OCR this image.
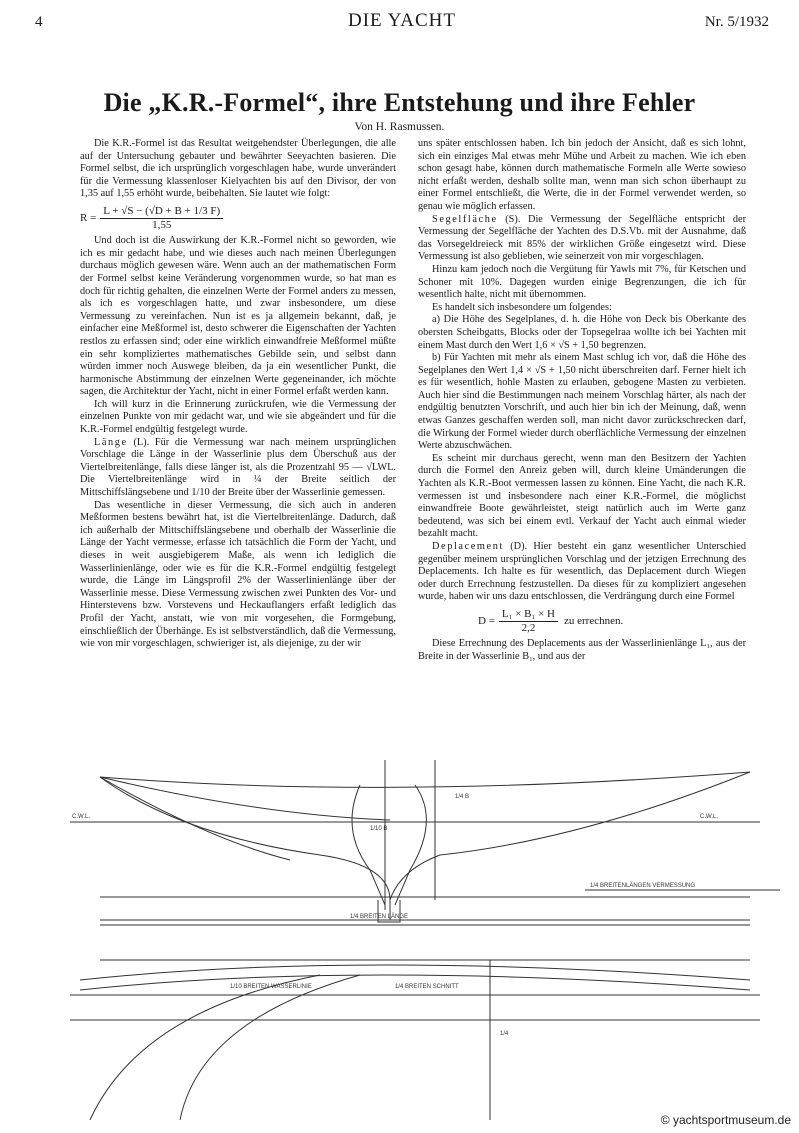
4	DIE YACHT	Nr. 5/1932
Die „K.R.-Formel“, ihre Entstehung und ihre Fehler
Von H. Rasmussen.

Die K.R.-Formel ist das Resultat weitgehendster Überlegungen, die alle auf der Untersuchung gebauter und bewährter Seeyachten basieren. Die Formel selbst, die ich ursprünglich vorgeschlagen habe, wurde unverändert für die Vermessung klassenloser Kielyachten bis auf den Divisor, der von 1,35 auf 1,55 erhöht wurde, beibehalten. Sie lautet wie folgt:

$R = \frac{L + √S - (√D + B + 1/3 F)}{1,55}$

Und doch ist die Auswirkung der K.R.-Formel nicht so geworden, wie ich es mir gedacht habe, und wie dieses auch nach meinen Überlegungen durchaus möglich gewesen wäre. Wenn auch an der mathematischen Form der Formel selbst keine Veränderung vorgenommen wurde, so hat man es doch für richtig gehalten, die einzelnen Werte der Formel anders zu messen, als ich es vorgeschlagen hatte, und zwar insbesondere, um diese Vermessung zu vereinfachen. Nun ist es ja allgemein bekannt, daß, je einfacher eine Meßformel ist, desto schwerer die Eigenschaften der Yachten restlos zu erfassen sind; oder eine wirklich einwandfreie Meßformel müßte ein sehr kompliziertes mathematisches Gebilde sein, und selbst dann würden immer noch Auswege bleiben, da ja ein wesentlicher Punkt, die harmonische Abstimmung der einzelnen Werte gegeneinander, ich möchte sagen, die Architektur der Yacht, nicht in einer Formel erfaßt werden kann.

Ich will kurz in die Erinnerung zurückrufen, wie die Vermessung der einzelnen Punkte von mir gedacht war, und wie sie abgeändert und für die K.R.-Formel endgültig festgelegt wurde.

Länge (L). Für die Vermessung war nach meinem ursprünglichen Vorschlage die Länge in der Wasserlinie plus dem Überschuß aus der Viertelbreitenlänge, falls diese länger ist, als die Prozentzahl 95 — √LWL. Die Viertelbreitenlänge wird in ¼ der Breite seitlich der Mittschiffslängsebene und 1/10 der Breite über der Wasserlinie gemessen.

Das wesentliche in dieser Vermessung, die sich auch in anderen Meßformen bestens bewährt hat, ist die Viertelbreitenlänge. Dadurch, daß ich außerhalb der Mittschiffslängsebene und oberhalb der Wasserlinie die Länge der Yacht vermesse, erfasse ich tatsächlich die Form der Yacht, und dieses in weit ausgiebigerem Maße, als wenn ich lediglich die Wasserlinienlänge, oder wie es für die K.R.-Formel endgültig festgelegt wurde, die Länge im Längsprofil 2% der Wasserlinienlänge über der Wasserlinie messe. Diese Vermessung zwischen zwei Punkten des Vor- und Hinterstevens bzw. Vorstevens und Heckauflangers erfaßt lediglich das Profil der Yacht, anstatt, wie von mir vorgesehen, die Formgebung, einschließlich der Überhänge. Es ist selbstverständlich, daß die Vermessung, wie von mir vorgeschlagen, schwieriger ist, als diejenige, zu der wir

uns später entschlossen haben. Ich bin jedoch der Ansicht, daß es sich lohnt, sich ein einziges Mal etwas mehr Mühe und Arbeit zu machen. Wie ich eben schon gesagt habe, können durch mathematische Formeln alle Werte sowieso nicht erfaßt werden, deshalb sollte man, wenn man sich schon überhaupt zu einer Formel entschließt, die Werte, die in der Formel verwendet werden, so genau wie möglich erfassen.

Segelfläche (S). Die Vermessung der Segelfläche entspricht der Vermessung der Segelfläche der Yachten des D.S.Vb. mit der Ausnahme, daß das Vorsegeldreieck mit 85% der wirklichen Größe eingesetzt wird. Diese Vermessung ist also geblieben, wie seinerzeit von mir vorgeschlagen.

Hinzu kam jedoch noch die Vergütung für Yawls mit 7%, für Ketschen und Schoner mit 10%. Dagegen wurden einige Begrenzungen, die ich für wesentlich halte, nicht mit übernommen.

Es handelt sich insbesondere um folgendes:

a) Die Höhe des Segelplanes, d. h. die Höhe von Deck bis Oberkante des obersten Scheibgatts, Blocks oder der Topsegelraa wollte ich bei Yachten mit einem Mast durch den Wert 1,6 × √S + 1,50 begrenzen.

b) Für Yachten mit mehr als einem Mast schlug ich vor, daß die Höhe des Segelplanes den Wert 1,4 × √S + 1,50 nicht überschreiten darf. Ferner hielt ich es für wesentlich, hohle Masten zu erlauben, gebogene Masten zu verbieten. Auch hier sind die Bestimmungen nach meinem Vorschlag härter, als nach der endgültig benutzten Vorschrift, und auch hier bin ich der Meinung, daß, wenn etwas Ganzes geschaffen werden soll, man nicht davor zurückschrecken darf, die Wirkung der Formel wieder durch oberflächliche Vermessung der einzelnen Werte abzuschwächen.

Es scheint mir durchaus gerecht, wenn man den Besitzern der Yachten durch die Formel den Anreiz geben will, durch kleine Umänderungen die Yachten als K.R.-Boot vermessen lassen zu können. Eine Yacht, die nach K.R. vermessen ist und insbesondere nach einer K.R.-Formel, die möglichst einwandfreie Boote gewährleistet, steigt natürlich auch im Werte ganz bedeutend, was sich bei einem evtl. Verkauf der Yacht auch einmal wieder bezahlt macht.

Deplacement (D). Hier besteht ein ganz wesentlicher Unterschied gegenüber meinem ursprünglichen Vorschlag und der jetzigen Errechnung des Deplacements. Ich halte es für wesentlich, das Deplacement durch Wiegen oder durch Errechnung festzustellen. Da dieses für zu kompliziert angesehen wurde, haben wir uns dazu entschlossen, die Verdrängung durch eine Formel

$D = \frac{\text{L₁ × B₁ × H}}{2,2}$ zu errechnen.

Diese Errechnung des Deplacements aus der Wasserlinienlänge L₁, aus der Breite in der Wasserlinie B₁, und aus der

C.W.L.	C.W.L.
1/4 BREITEN LÄNGE
1/4 BREITENLÄNGEN VERMESSUNG
1/10 BREITEN WASSERLINIE	1/4 BREITEN SCHNITT
1/4 B
1/10 B
1/4
© yachtsportmuseum.de
